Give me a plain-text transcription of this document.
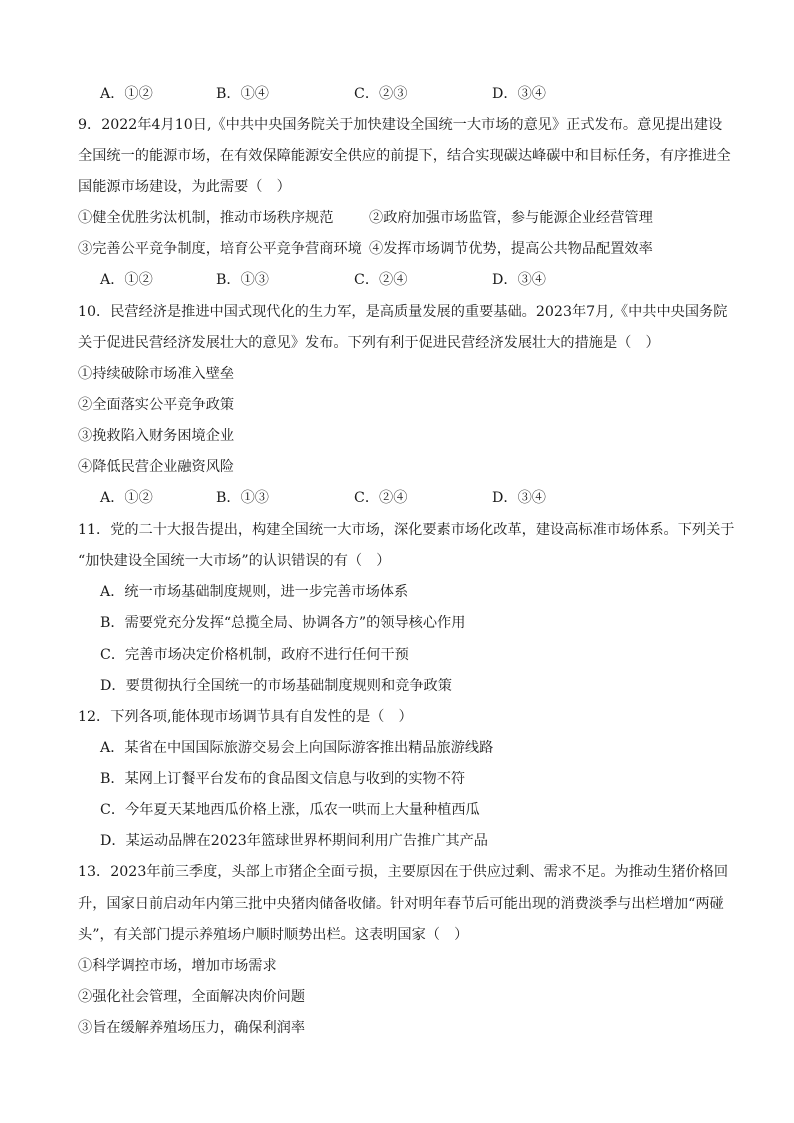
A．①②	B．①④	C．②③	D．③④
9．2022年4月10日,《中共中央国务院关于加快建设全国统一大市场的意见》正式发布。意见提出建设
全国统一的能源市场，在有效保障能源安全供应的前提下，结合实现碳达峰碳中和目标任务，有序推进全
国能源市场建设，为此需要（　）
①健全优胜劣汰机制，推动市场秩序规范	②政府加强市场监管，参与能源企业经营管理
③完善公平竞争制度，培育公平竞争营商环境 ④发挥市场调节优势，提高公共物品配置效率
A．①②	B．①③	C．②④	D．③④
10．民营经济是推进中国式现代化的生力军，是高质量发展的重要基础。2023年7月,《中共中央国务院
关于促进民营经济发展壮大的意见》发布。下列有利于促进民营经济发展壮大的措施是（　）
①持续破除市场准入壁垒
②全面落实公平竞争政策
③挽救陷入财务困境企业
④降低民营企业融资风险
A．①②	B．①③	C．②④	D．③④
11．党的二十大报告提出，构建全国统一大市场，深化要素市场化改革，建设高标准市场体系。下列关于
“加快建设全国统一大市场”的认识错误的有（　）
A．统一市场基础制度规则，进一步完善市场体系
B．需要党充分发挥“总揽全局、协调各方”的领导核心作用
C．完善市场决定价格机制，政府不进行任何干预
D．要贯彻执行全国统一的市场基础制度规则和竞争政策
12．下列各项,能体现市场调节具有自发性的是（　）
A．某省在中国国际旅游交易会上向国际游客推出精品旅游线路
B．某网上订餐平台发布的食品图文信息与收到的实物不符
C．今年夏天某地西瓜价格上涨，瓜农一哄而上大量种植西瓜
D．某运动品牌在2023年篮球世界杯期间利用广告推广其产品
13．2023年前三季度，头部上市猪企全面亏损，主要原因在于供应过剩、需求不足。为推动生猪价格回
升，国家日前启动年内第三批中央猪肉储备收储。针对明年春节后可能出现的消费淡季与出栏增加“两碰
头”，有关部门提示养殖场户顺时顺势出栏。这表明国家（　）
①科学调控市场，增加市场需求
②强化社会管理，全面解决肉价问题
③旨在缓解养殖场压力，确保利润率
